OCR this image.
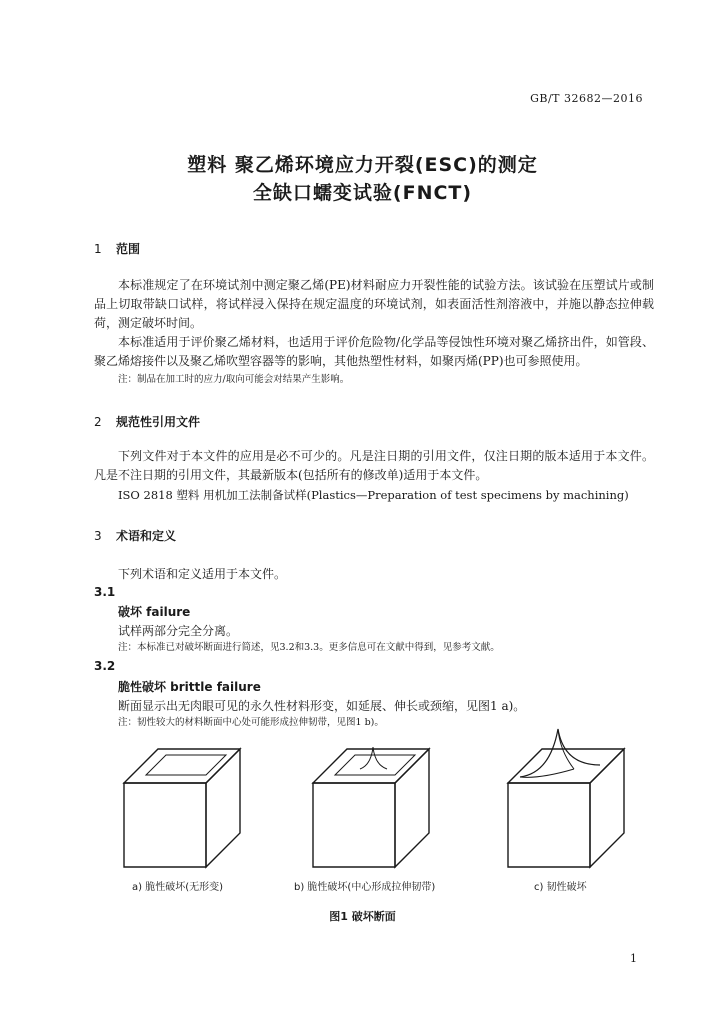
GB/T 32682—2016
塑料 聚乙烯环境应力开裂(ESC)的测定
全缺口蠕变试验(FNCT)
1 范围

本标准规定了在环境试剂中测定聚乙烯(PE)材料耐应力开裂性能的试验方法。该试验在压塑试片或制品上切取带缺口试样，将试样浸入保持在规定温度的环境试剂，如表面活性剂溶液中，并施以静态拉伸载荷，测定破坏时间。

本标准适用于评价聚乙烯材料，也适用于评价危险物/化学品等侵蚀性环境对聚乙烯挤出件，如管段、聚乙烯熔接件以及聚乙烯吹塑容器等的影响，其他热塑性材料，如聚丙烯(PP)也可参照使用。

注：制品在加工时的应力/取向可能会对结果产生影响。
2 规范性引用文件

下列文件对于本文件的应用是必不可少的。凡是注日期的引用文件，仅注日期的版本适用于本文件。凡是不注日期的引用文件，其最新版本(包括所有的修改单)适用于本文件。

ISO 2818 塑料 用机加工法制备试样(Plastics—Preparation of test specimens by machining)
3 术语和定义
下列术语和定义适用于本文件。
3.1
破坏 failure
试样两部分完全分离。
注：本标准已对破坏断面进行简述，见3.2和3.3。更多信息可在文献中得到，见参考文献。
3.2
脆性破坏 brittle failure
断面显示出无肉眼可见的永久性材料形变，如延展、伸长或颈缩，见图1 a)。
注：韧性较大的材料断面中心处可能形成拉伸韧带，见图1 b)。
a) 脆性破坏(无形变)	b) 脆性破坏(中心形成拉伸韧带)	c) 韧性破坏
图1 破坏断面
1
